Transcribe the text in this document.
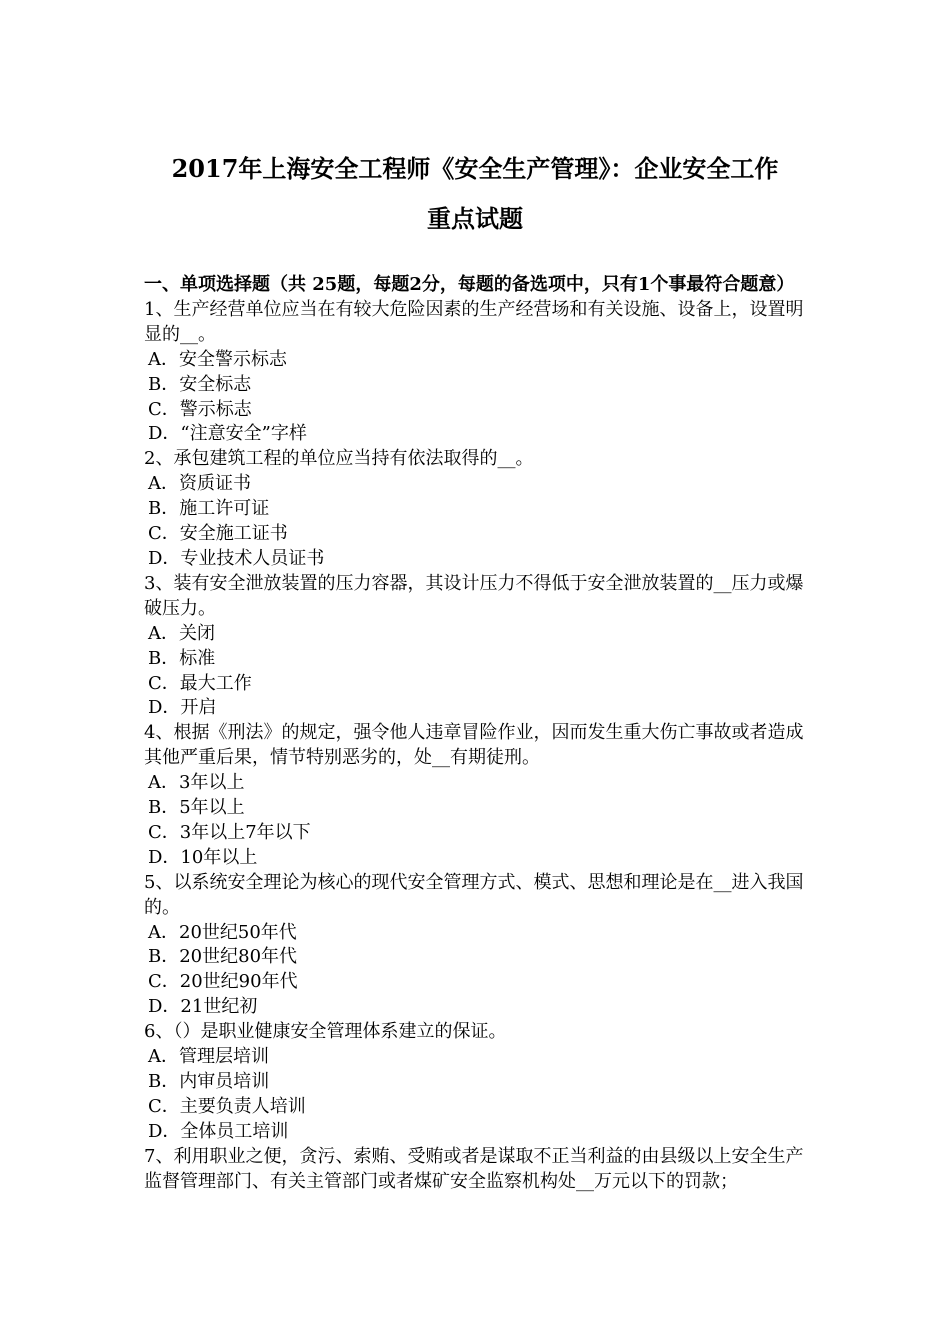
2017年上海安全工程师《安全生产管理》：企业安全工作
重点试题

一、单项选择题（共 25题，每题2分，每题的备选项中，只有1个事最符合题意）

1、生产经营单位应当在有较大危险因素的生产经营场和有关设施、设备上，设置明显的__。

A．安全警示标志

B．安全标志

C．警示标志

D．“注意安全”字样

2、承包建筑工程的单位应当持有依法取得的__。

A．资质证书

B．施工许可证

C．安全施工证书

D．专业技术人员证书

3、装有安全泄放装置的压力容器，其设计压力不得低于安全泄放装置的__压力或爆破压力。

A．关闭

B．标准

C．最大工作

D．开启

4、根据《刑法》的规定，强令他人违章冒险作业，因而发生重大伤亡事故或者造成其他严重后果，情节特别恶劣的，处__有期徒刑。

A．3年以上

B．5年以上

C．3年以上7年以下

D．10年以上

5、以系统安全理论为核心的现代安全管理方式、模式、思想和理论是在__进入我国的。

A．20世纪50年代

B．20世纪80年代

C．20世纪90年代

D．21世纪初

6、（）是职业健康安全管理体系建立的保证。

A．管理层培训

B．内审员培训

C．主要负责人培训

D．全体员工培训

7、利用职业之便，贪污、索贿、受贿或者是谋取不正当利益的由县级以上安全生产监督管理部门、有关主管部门或者煤矿安全监察机构处__万元以下的罚款；
